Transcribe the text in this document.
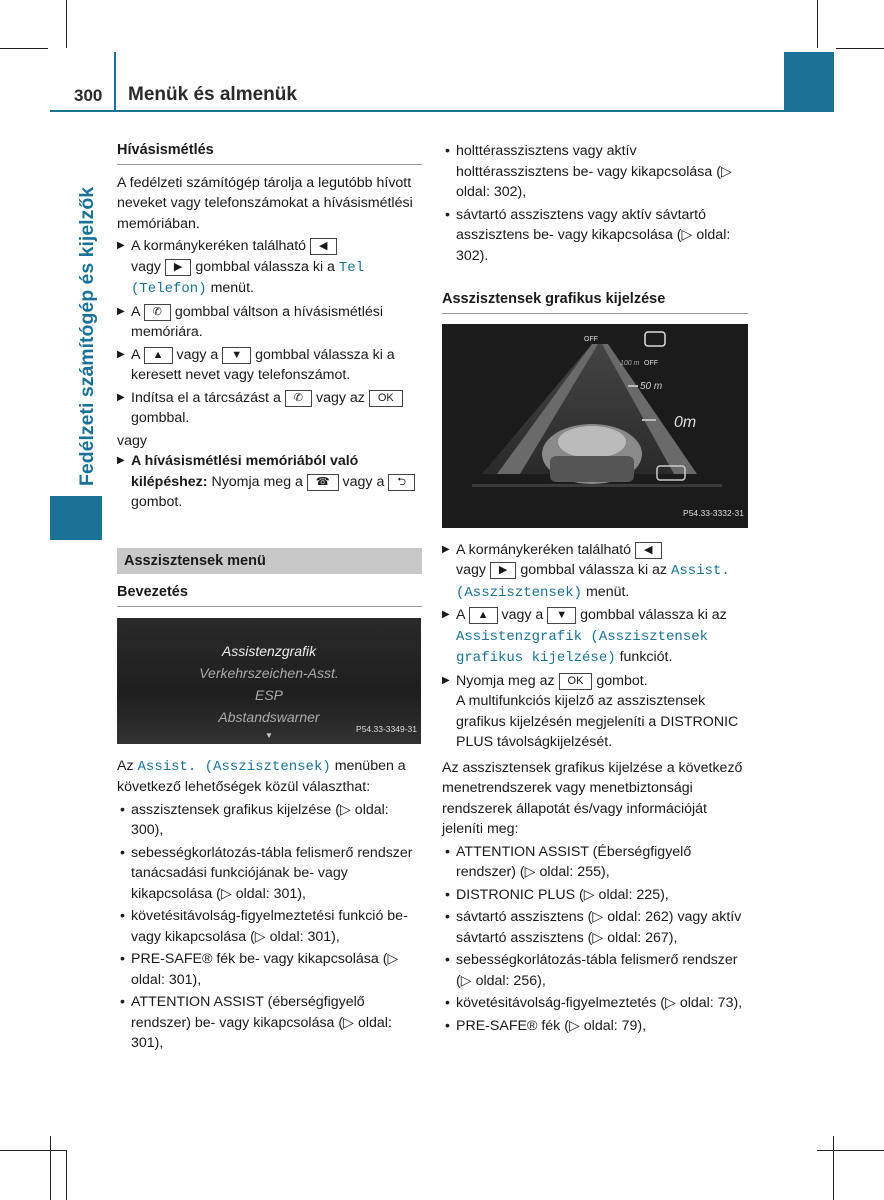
300 Menük és almenük
Fedélzeti számítógép és kijelzők
Hívásismétlés

A fedélzeti számítógép tárolja a legutóbb hívott neveket vagy telefonszámokat a hívásismétlési memóriában.

▶ A kormánykeréken található ◀
vagy ▶ gombbal válassza ki a Tel (Telefon) menüt.
▶ A ✆ gombbal váltson a hívásismétlési memóriára.
▶ A ▲ vagy a ▼ gombbal válassza ki a keresett nevet vagy telefonszámot.
▶ Indítsa el a tárcsázást a ✆ vagy az OK gombbal.

vagy

▶ A hívásismétlési memóriából való kilépéshez: Nyomja meg a ☎ vagy a ⮌ gombot.
Asszisztensek menü
Bevezetés
Assistenzgrafik
Verkehrszeichen-Asst.
ESP
Abstandswarner
▼
P54.33-3349-31

Az Assist. (Asszisztensek) menüben a következő lehetőségek közül választhat:

• asszisztensek grafikus kijelzése (▷ oldal: 300),
• sebességkorlátozás-tábla felismerő rendszer tanácsadási funkciójának be- vagy kikapcsolása (▷ oldal: 301),
• követésitávolság-figyelmeztetési funkció be- vagy kikapcsolása (▷ oldal: 301),
• PRE-SAFE® fék be- vagy kikapcsolása (▷ oldal: 301),
• ATTENTION ASSIST (éberségfigyelő rendszer) be- vagy kikapcsolása (▷ oldal: 301),
• holttérasszisztens vagy aktív holttérasszisztens be- vagy kikapcsolása (▷ oldal: 302),
• sávtartó asszisztens vagy aktív sávtartó asszisztens be- vagy kikapcsolása (▷ oldal: 302).
Asszisztensek grafikus kijelzése
OFF
100 m OFF
50 m
0m
P54.33-3332-31
▶ A kormánykeréken található ◀
vagy ▶ gombbal válassza ki az Assist. (Asszisztensek) menüt.
▶ A ▲ vagy a ▼ gombbal válassza ki az Assistenzgrafik (Asszisztensek grafikus kijelzése) funkciót.
▶ Nyomja meg az OK gombot.
A multifunkciós kijelző az asszisztensek grafikus kijelzésén megjeleníti a DISTRONIC PLUS távolságkijelzését.

Az asszisztensek grafikus kijelzése a következő menetrendszerek vagy menetbiztonsági rendszerek állapotát és/vagy információját jeleníti meg:

• ATTENTION ASSIST (Éberségfigyelő rendszer) (▷ oldal: 255),
• DISTRONIC PLUS (▷ oldal: 225),
• sávtartó asszisztens (▷ oldal: 262) vagy aktív sávtartó asszisztens (▷ oldal: 267),
• sebességkorlátozás-tábla felismerő rendszer (▷ oldal: 256),
• követésitávolság-figyelmeztetés (▷ oldal: 73),
• PRE-SAFE® fék (▷ oldal: 79),
